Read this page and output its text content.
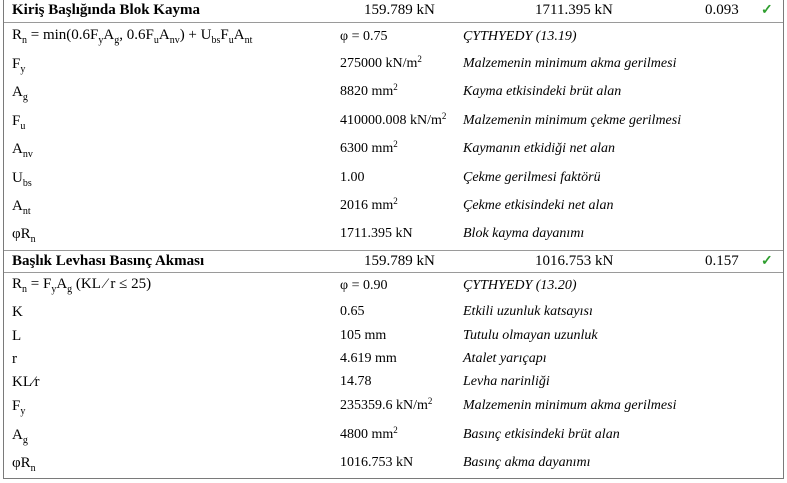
Kiriş Başlığında Blok Kayma	159.789 kN	1711.395 kN	0.093 ✓
$R_n = \min(0.6F_yA_g$, $0.6F_uA_{nv}) + U_{bs}F_uA_{nt}$	φ = 0.75	ÇYTHYEDY (13.19)
$F_y$	275000 $kN/m^2$	Malzemenin minimum akma gerilmesi
$A_g$	8820 $mm^2$	Kayma etkisindeki brüt alan
$F_u$	410000.008 $kN/m^2$ Malzemenin minimum çekme gerilmesi
$A_{nv}$	6300 $mm^2$	Kaymanın etkidiği net alan
$U_{bs}$	1.00	Çekme gerilmesi faktörü
$A_{nt}$	2016 $mm^2$	Çekme etkisindeki net alan
$\varphi R_n$	1711.395 kN	Blok kayma dayanımı
Başlık Levhası Basınç Akması	159.789 kN	1016.753 kN	0.157 ✓
$R_n = F_yA_g$ (KL ⁄ r ≤ 25)	φ = 0.90	ÇYTHYEDY (13.20)
K	0.65	Etkili uzunluk katsayısı
L	105 mm	Tutulu olmayan uzunluk
r	4.619 mm	Atalet yarıçapı
KL⁄r	14.78	Levha narinliği
$F_y$	235359.6 $kN/m^2$ Malzemenin minimum akma gerilmesi
$A_g$	4800 $mm^2$	Basınç etkisindeki brüt alan
$\varphi R_n$	1016.753 kN	Basınç akma dayanımı
